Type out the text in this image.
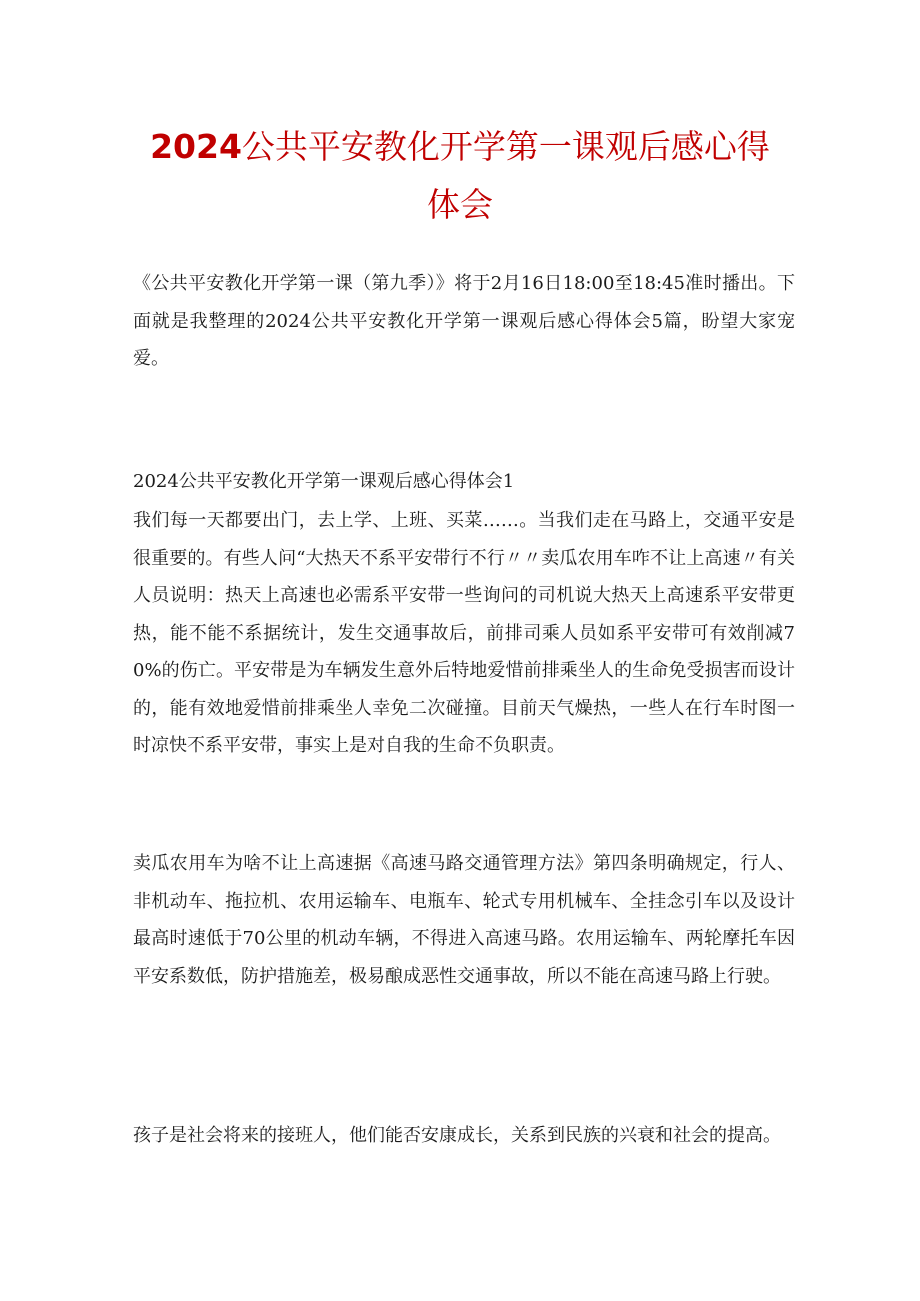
2024公共平安教化开学第一课观后感心得
体会

《公共平安教化开学第一课（第九季）》将于2月16日18:00至18:45准时播出。下面就是我整理的2024公共平安教化开学第一课观后感心得体会5篇，盼望大家宠爱。

2024公共平安教化开学第一课观后感心得体会1

我们每一天都要出门，去上学、上班、买菜……。当我们走在马路上，交通平安是很重要的。有些人问“大热天不系平安带行不行〃〃卖瓜农用车咋不让上高速〃有关人员说明：热天上高速也必需系平安带一些询问的司机说大热天上高速系平安带更热，能不能不系据统计，发生交通事故后，前排司乘人员如系平安带可有效削减70%的伤亡。平安带是为车辆发生意外后特地爱惜前排乘坐人的生命免受损害而设计的，能有效地爱惜前排乘坐人幸免二次碰撞。目前天气燥热，一些人在行车时图一时凉快不系平安带，事实上是对自我的生命不负职责。

卖瓜农用车为啥不让上高速据《高速马路交通管理方法》第四条明确规定，行人、非机动车、拖拉机、农用运输车、电瓶车、轮式专用机械车、全挂念引车以及设计最高时速低于70公里的机动车辆，不得进入高速马路。农用运输车、两轮摩托车因平安系数低，防护措施差，极易酿成恶性交通事故，所以不能在高速马路上行驶。

孩子是社会将来的接班人，他们能否安康成长，关系到民族的兴衰和社会的提高。
